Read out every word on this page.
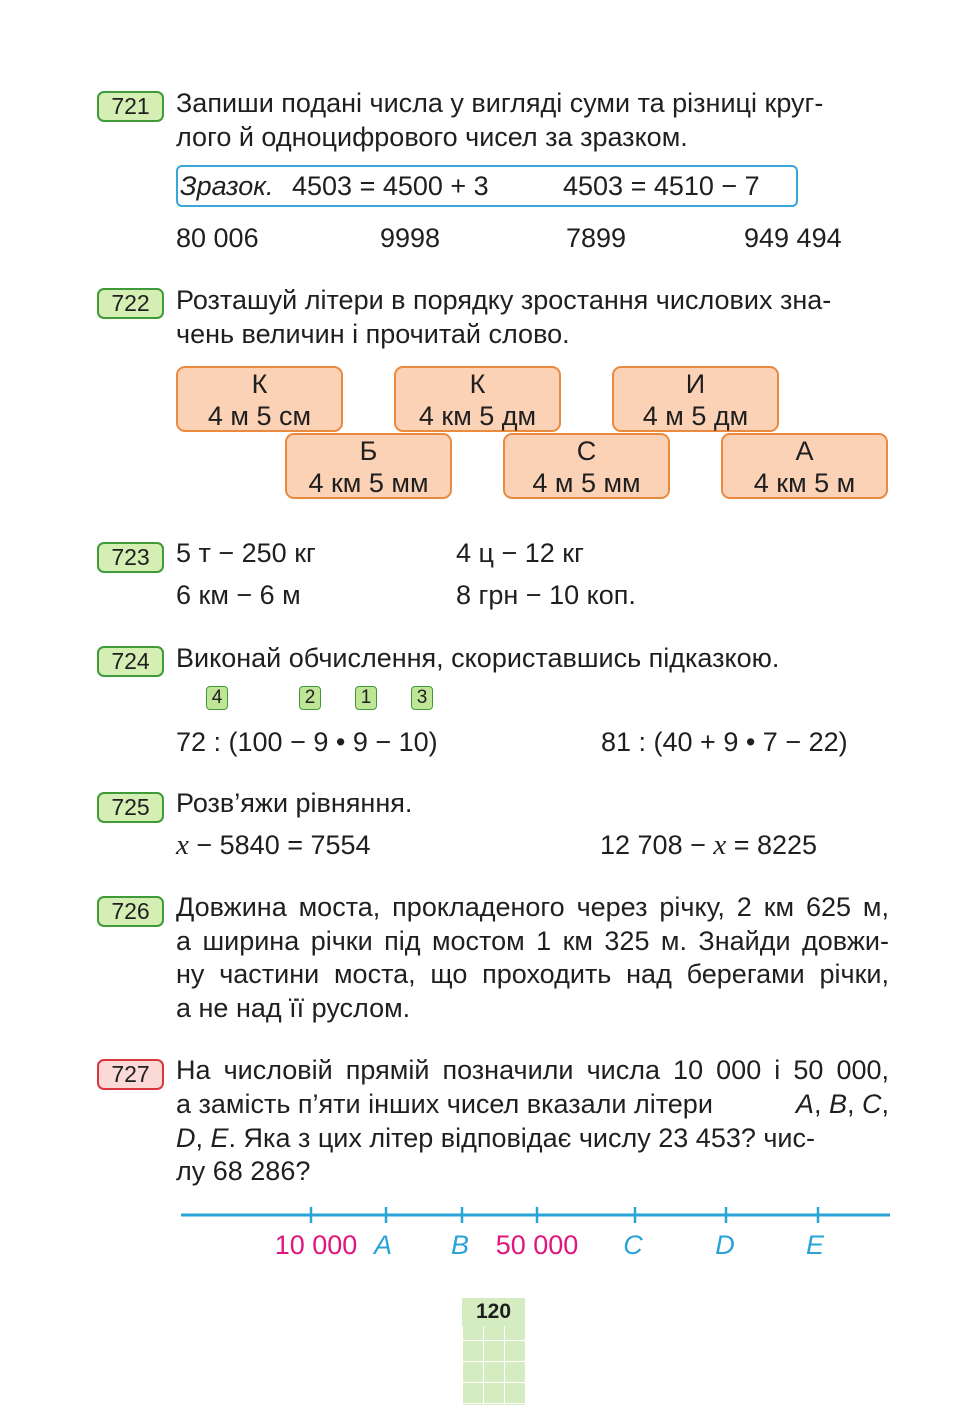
721 Запиши подані числа у вигляді суми та різниці круг-
лого й одноцифрового чисел за зразком.
Зразок. 4503 = 4500 + 3	4503 = 4510 − 7
80 006	9998	7899	949 494
722 Розташуй літери в порядку зростання числових зна-
чень величин і прочитай слово.
К
4 м 5 см
К
4 км 5 дм
И
4 м 5 дм
Б
4 км 5 мм
С
4 м 5 мм
А
4 км 5 м
723 5 т − 250 кг	4 ц − 12 кг
6 км − 6 м	8 грн − 10 коп.
724 Виконай обчислення, скориставшись підказкою.
4	2	1	3
72 : (100 − 9 • 9 − 10)	81 : (40 + 9 • 7 − 22)
725 Розв’яжи рівняння.
x − 5840 = 7554	12 708 − x = 8225
726 Довжина моста, прокладеного через річку, 2 км 625 м,
а ширина річки під мостом 1 км 325 м. Знайди довжи-
ну частини моста, що проходить над берегами річки,
а не над її руслом.
727 На числовій прямій позначили числа 10 000 і 50 000,
а замість п’яти інших чисел вказали літери	A, B, C,
D, E. Яка з цих літер відповідає числу 23 453? чис-
лу 68 286?
10 000 A B 50 000 C	D	E
120
